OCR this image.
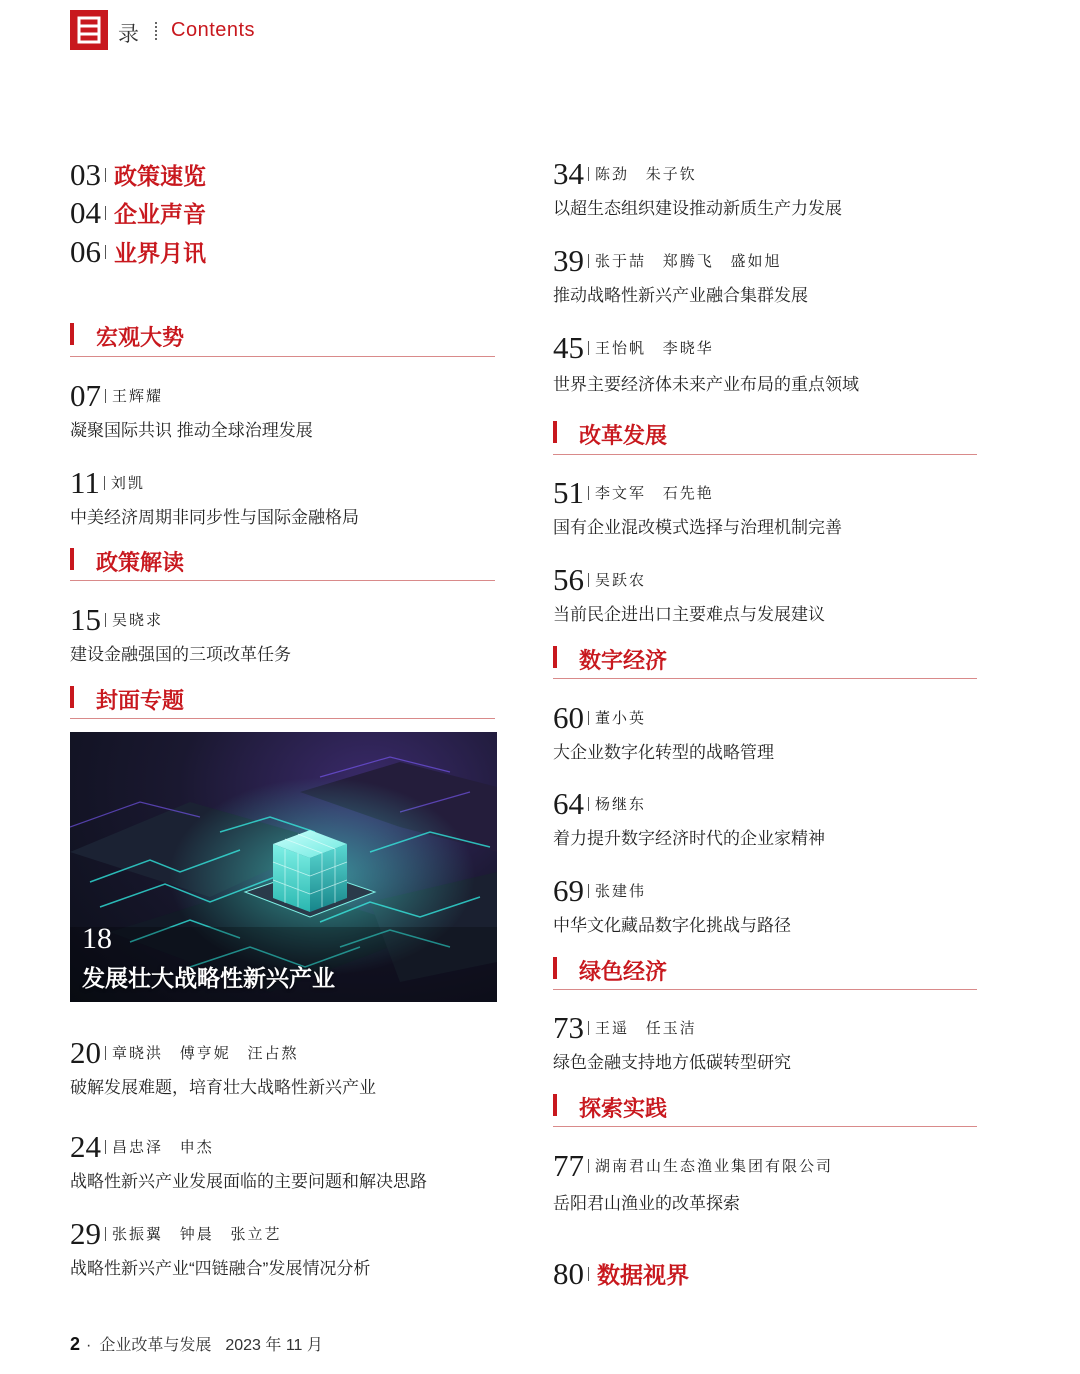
录 Contents
03 政策速览
04 企业声音
06 业界月讯
宏观大势
07 王辉耀
凝聚国际共识 推动全球治理发展
11 刘凯
中美经济周期非同步性与国际金融格局
政策解读
15 吴晓求
建设金融强国的三项改革任务
封面专题
18
发展壮大战略性新兴产业
20 章晓洪 傅亨妮 汪占熬
破解发展难题，培育壮大战略性新兴产业
24 昌忠泽 申杰
战略性新兴产业发展面临的主要问题和解决思路
29 张振翼 钟晨 张立艺
战略性新兴产业“四链融合”发展情况分析
34 陈劲 朱子钦
以超生态组织建设推动新质生产力发展
39 张于喆 郑腾飞 盛如旭
推动战略性新兴产业融合集群发展
45 王怡帆 李晓华
世界主要经济体未来产业布局的重点领域
改革发展
51 李文军 石先艳
国有企业混改模式选择与治理机制完善
56 吴跃农
当前民企进出口主要难点与发展建议
数字经济
60 董小英
大企业数字化转型的战略管理
64 杨继东
着力提升数字经济时代的企业家精神
69 张建伟
中华文化藏品数字化挑战与路径
绿色经济
73 王遥 任玉洁
绿色金融支持地方低碳转型研究
探索实践
77 湖南君山生态渔业集团有限公司
岳阳君山渔业的改革探索
80 数据视界
2 · 企业改革与发展 2023 年 11 月
